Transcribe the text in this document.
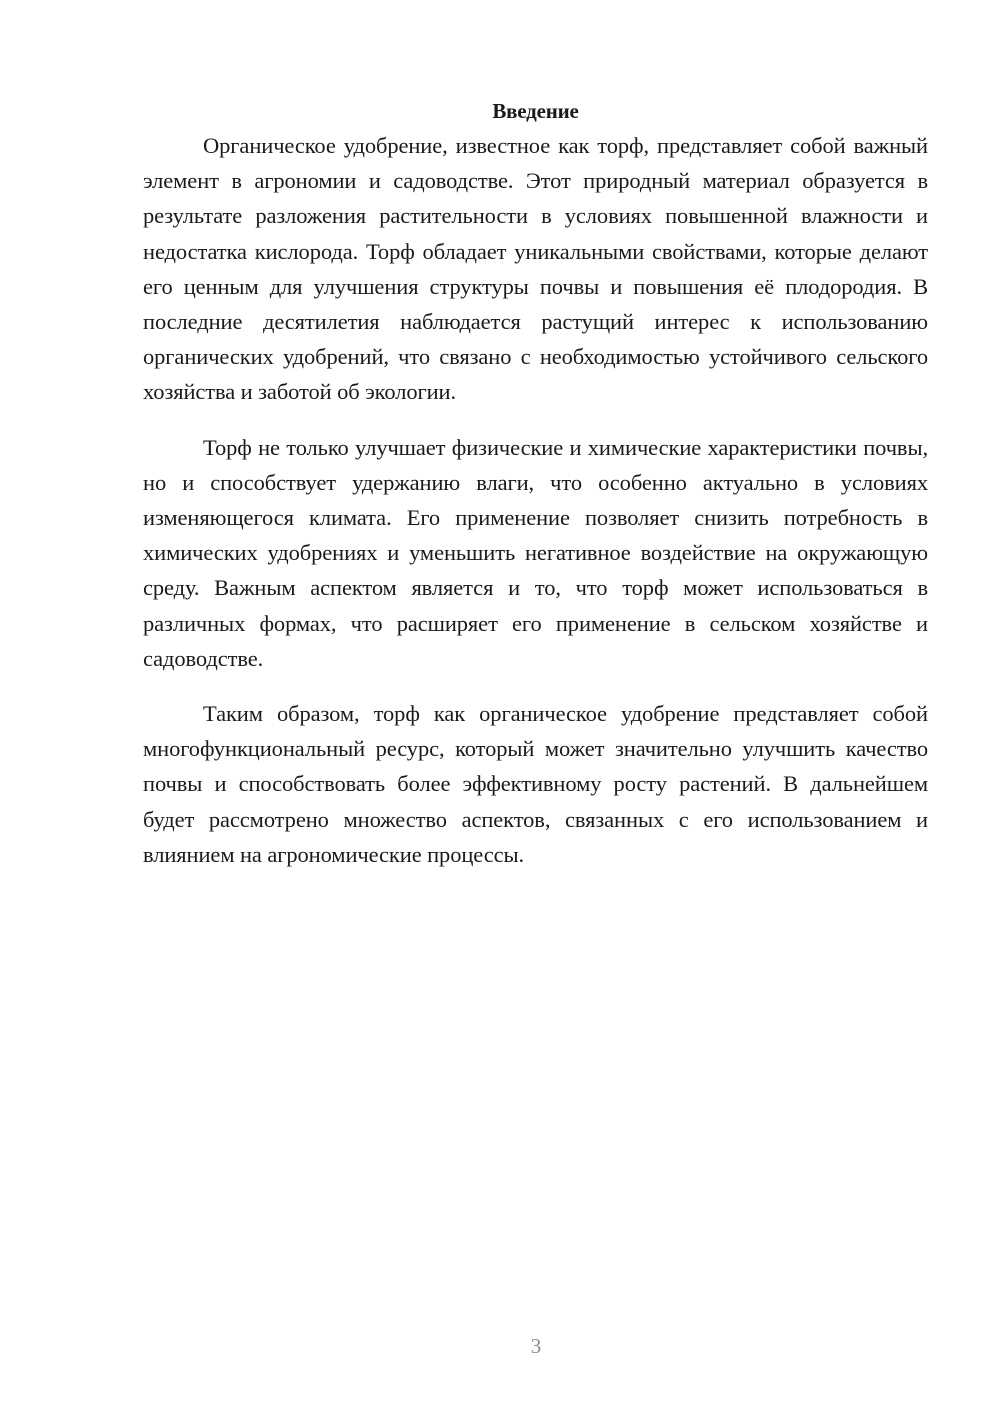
Введение

Органическое удобрение, известное как торф, представляет собой важный элемент в агрономии и садоводстве. Этот природный материал образуется в результате разложения растительности в условиях повышенной влажности и недостатка кислорода. Торф обладает уникальными свойствами, которые делают его ценным для улучшения структуры почвы и повышения её плодородия. В последние десятилетия наблюдается растущий интерес к использованию органических удобрений, что связано с необходимостью устойчивого сельского хозяйства и заботой об экологии.

Торф не только улучшает физические и химические характеристики почвы, но и способствует удержанию влаги, что особенно актуально в условиях изменяющегося климата. Его применение позволяет снизить потребность в химических удобрениях и уменьшить негативное воздействие на окружающую среду. Важным аспектом является и то, что торф может использоваться в различных формах, что расширяет его применение в сельском хозяйстве и садоводстве.

Таким образом, торф как органическое удобрение представляет собой многофункциональный ресурс, который может значительно улучшить качество почвы и способствовать более эффективному росту растений. В дальнейшем будет рассмотрено множество аспектов, связанных с его использованием и влиянием на агрономические процессы.

3
